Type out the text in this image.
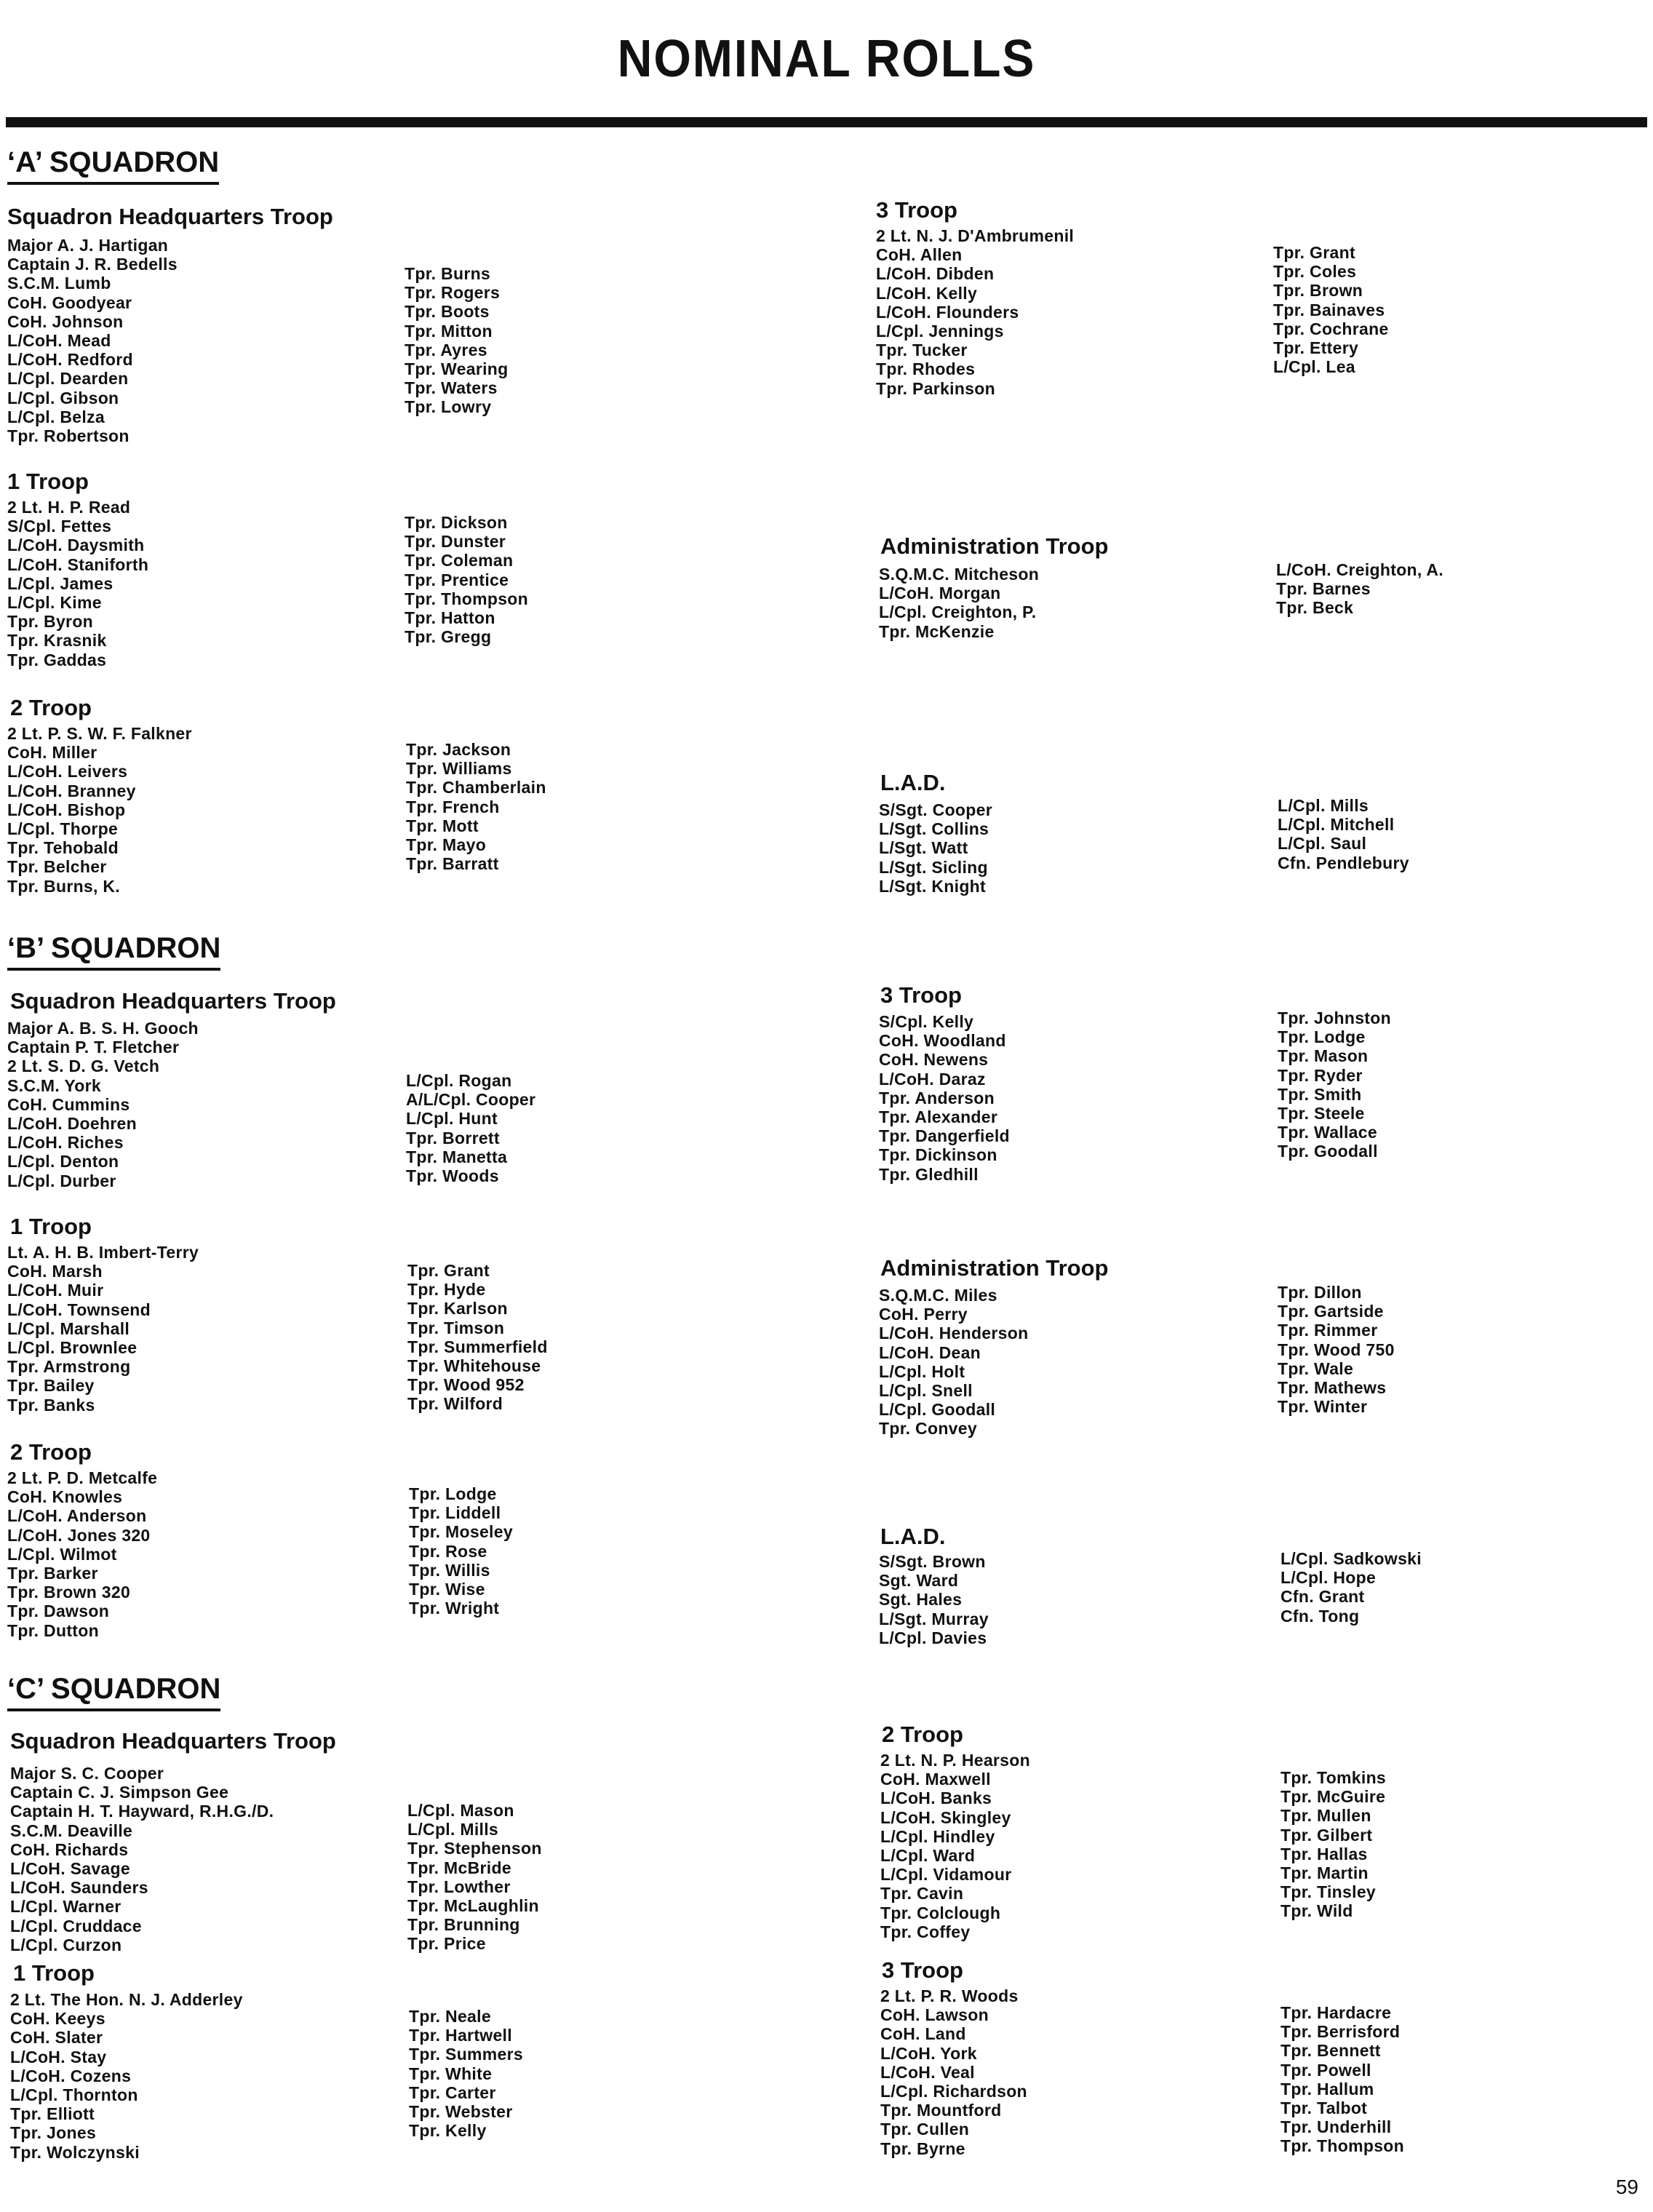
NOMINAL ROLLS
‘A’ SQUADRON
Squadron Headquarters Troop
Major A. J. Hartigan
Captain J. R. Bedells
S.C.M. Lumb
CoH. Goodyear
CoH. Johnson
L/CoH. Mead
L/CoH. Redford
L/Cpl. Dearden
L/Cpl. Gibson
L/Cpl. Belza
Tpr. Robertson
Tpr. Burns
Tpr. Rogers
Tpr. Boots
Tpr. Mitton
Tpr. Ayres
Tpr. Wearing
Tpr. Waters
Tpr. Lowry
1 Troop
2 Lt. H. P. Read
S/Cpl. Fettes
L/CoH. Daysmith
L/CoH. Staniforth
L/Cpl. James
L/Cpl. Kime
Tpr. Byron
Tpr. Krasnik
Tpr. Gaddas
Tpr. Dickson
Tpr. Dunster
Tpr. Coleman
Tpr. Prentice
Tpr. Thompson
Tpr. Hatton
Tpr. Gregg
2 Troop
2 Lt. P. S. W. F. Falkner
CoH. Miller
L/CoH. Leivers
L/CoH. Branney
L/CoH. Bishop
L/Cpl. Thorpe
Tpr. Tehobald
Tpr. Belcher
Tpr. Burns, K.
Tpr. Jackson
Tpr. Williams
Tpr. Chamberlain
Tpr. French
Tpr. Mott
Tpr. Mayo
Tpr. Barratt
3 Troop
2 Lt. N. J. D'Ambrumenil
CoH. Allen
L/CoH. Dibden
L/CoH. Kelly
L/CoH. Flounders
L/Cpl. Jennings
Tpr. Tucker
Tpr. Rhodes
Tpr. Parkinson
Tpr. Grant
Tpr. Coles
Tpr. Brown
Tpr. Bainaves
Tpr. Cochrane
Tpr. Ettery
L/Cpl. Lea
Administration Troop
S.Q.M.C. Mitcheson
L/CoH. Morgan
L/Cpl. Creighton, P.
Tpr. McKenzie
L/CoH. Creighton, A.
Tpr. Barnes
Tpr. Beck
L.A.D.
S/Sgt. Cooper
L/Sgt. Collins
L/Sgt. Watt
L/Sgt. Sicling
L/Sgt. Knight
L/Cpl. Mills
L/Cpl. Mitchell
L/Cpl. Saul
Cfn. Pendlebury
‘B’ SQUADRON
Squadron Headquarters Troop
Major A. B. S. H. Gooch
Captain P. T. Fletcher
2 Lt. S. D. G. Vetch
S.C.M. York
CoH. Cummins
L/CoH. Doehren
L/CoH. Riches
L/Cpl. Denton
L/Cpl. Durber
L/Cpl. Rogan
A/L/Cpl. Cooper
L/Cpl. Hunt
Tpr. Borrett
Tpr. Manetta
Tpr. Woods
1 Troop
Lt. A. H. B. Imbert-Terry
CoH. Marsh
L/CoH. Muir
L/CoH. Townsend
L/Cpl. Marshall
L/Cpl. Brownlee
Tpr. Armstrong
Tpr. Bailey
Tpr. Banks
Tpr. Grant
Tpr. Hyde
Tpr. Karlson
Tpr. Timson
Tpr. Summerfield
Tpr. Whitehouse
Tpr. Wood 952
Tpr. Wilford
2 Troop
2 Lt. P. D. Metcalfe
CoH. Knowles
L/CoH. Anderson
L/CoH. Jones 320
L/Cpl. Wilmot
Tpr. Barker
Tpr. Brown 320
Tpr. Dawson
Tpr. Dutton
Tpr. Lodge
Tpr. Liddell
Tpr. Moseley
Tpr. Rose
Tpr. Willis
Tpr. Wise
Tpr. Wright
3 Troop
S/Cpl. Kelly
CoH. Woodland
CoH. Newens
L/CoH. Daraz
Tpr. Anderson
Tpr. Alexander
Tpr. Dangerfield
Tpr. Dickinson
Tpr. Gledhill
Tpr. Johnston
Tpr. Lodge
Tpr. Mason
Tpr. Ryder
Tpr. Smith
Tpr. Steele
Tpr. Wallace
Tpr. Goodall
Administration Troop
S.Q.M.C. Miles
CoH. Perry
L/CoH. Henderson
L/CoH. Dean
L/Cpl. Holt
L/Cpl. Snell
L/Cpl. Goodall
Tpr. Convey
Tpr. Dillon
Tpr. Gartside
Tpr. Rimmer
Tpr. Wood 750
Tpr. Wale
Tpr. Mathews
Tpr. Winter
L.A.D.
S/Sgt. Brown
Sgt. Ward
Sgt. Hales
L/Sgt. Murray
L/Cpl. Davies
L/Cpl. Sadkowski
L/Cpl. Hope
Cfn. Grant
Cfn. Tong
‘C’ SQUADRON
Squadron Headquarters Troop
Major S. C. Cooper
Captain C. J. Simpson Gee
Captain H. T. Hayward, R.H.G./D.
S.C.M. Deaville
CoH. Richards
L/CoH. Savage
L/CoH. Saunders
L/Cpl. Warner
L/Cpl. Cruddace
L/Cpl. Curzon
L/Cpl. Mason
L/Cpl. Mills
Tpr. Stephenson
Tpr. McBride
Tpr. Lowther
Tpr. McLaughlin
Tpr. Brunning
Tpr. Price
1 Troop
2 Lt. The Hon. N. J. Adderley
CoH. Keeys
CoH. Slater
L/CoH. Stay
L/CoH. Cozens
L/Cpl. Thornton
Tpr. Elliott
Tpr. Jones
Tpr. Wolczynski
Tpr. Neale
Tpr. Hartwell
Tpr. Summers
Tpr. White
Tpr. Carter
Tpr. Webster
Tpr. Kelly
2 Troop
2 Lt. N. P. Hearson
CoH. Maxwell
L/CoH. Banks
L/CoH. Skingley
L/Cpl. Hindley
L/Cpl. Ward
L/Cpl. Vidamour
Tpr. Cavin
Tpr. Colclough
Tpr. Coffey
Tpr. Tomkins
Tpr. McGuire
Tpr. Mullen
Tpr. Gilbert
Tpr. Hallas
Tpr. Martin
Tpr. Tinsley
Tpr. Wild
3 Troop
2 Lt. P. R. Woods
CoH. Lawson
CoH. Land
L/CoH. York
L/CoH. Veal
L/Cpl. Richardson
Tpr. Mountford
Tpr. Cullen
Tpr. Byrne
Tpr. Hardacre
Tpr. Berrisford
Tpr. Bennett
Tpr. Powell
Tpr. Hallum
Tpr. Talbot
Tpr. Underhill
Tpr. Thompson
59
